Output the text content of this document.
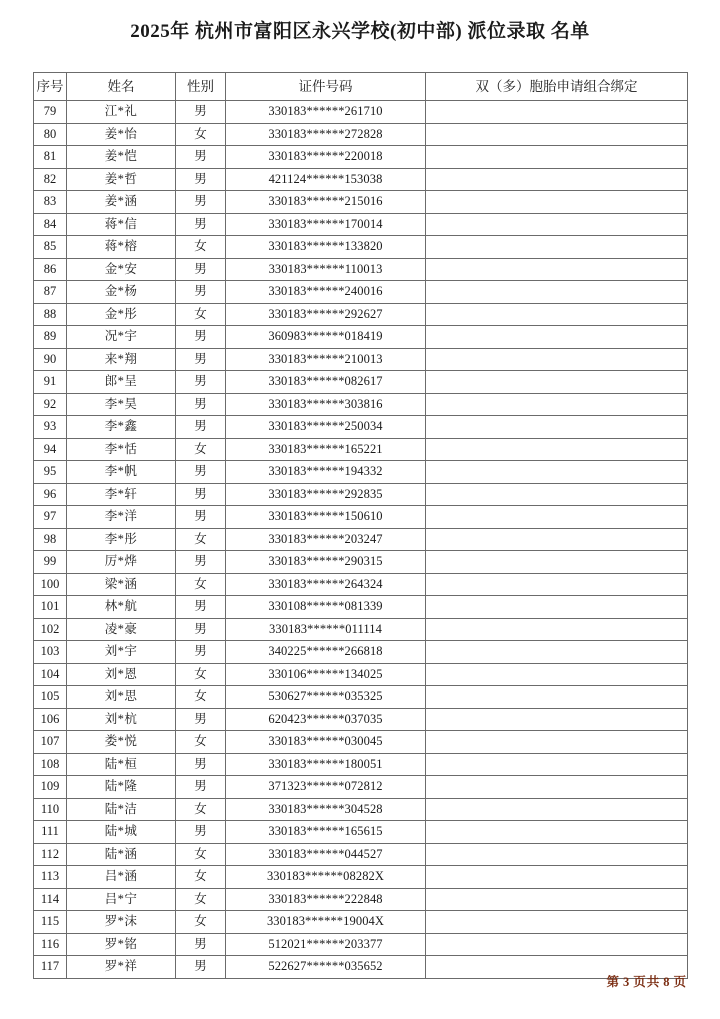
2025年 杭州市富阳区永兴学校(初中部) 派位录取 名单
序号	姓名	性别	证件号码	双（多）胞胎申请组合绑定
79	江*礼	男	330183******261710	
80	姜*怡	女	330183******272828	
81	姜*恺	男	330183******220018	
82	姜*哲	男	421124******153038	
83	姜*涵	男	330183******215016	
84	蒋*信	男	330183******170014	
85	蒋*榕	女	330183******133820	
86	金*安	男	330183******110013	
87	金*杨	男	330183******240016	
88	金*彤	女	330183******292627	
89	况*宇	男	360983******018419	
90	来*翔	男	330183******210013	
91	郎*呈	男	330183******082617	
92	李*昊	男	330183******303816	
93	李*鑫	男	330183******250034	
94	李*恬	女	330183******165221	
95	李*帆	男	330183******194332	
96	李*轩	男	330183******292835	
97	李*洋	男	330183******150610	
98	李*彤	女	330183******203247	
99	厉*烨	男	330183******290315	
100	梁*涵	女	330183******264324	
101	林*航	男	330108******081339	
102	凌*豪	男	330183******011114	
103	刘*宇	男	340225******266818	
104	刘*恩	女	330106******134025	
105	刘*思	女	530627******035325	
106	刘*杭	男	620423******037035	
107	娄*悦	女	330183******030045	
108	陆*桓	男	330183******180051	
109	陆*隆	男	371323******072812	
110	陆*洁	女	330183******304528	
111	陆*城	男	330183******165615	
112	陆*涵	女	330183******044527	
113	吕*涵	女	330183******08282X	
114	吕*宁	女	330183******222848	
115	罗*沫	女	330183******19004X	
116	罗*铭	男	512021******203377	
117	罗*祥	男	522627******035652	
第 3 页共 8 页
